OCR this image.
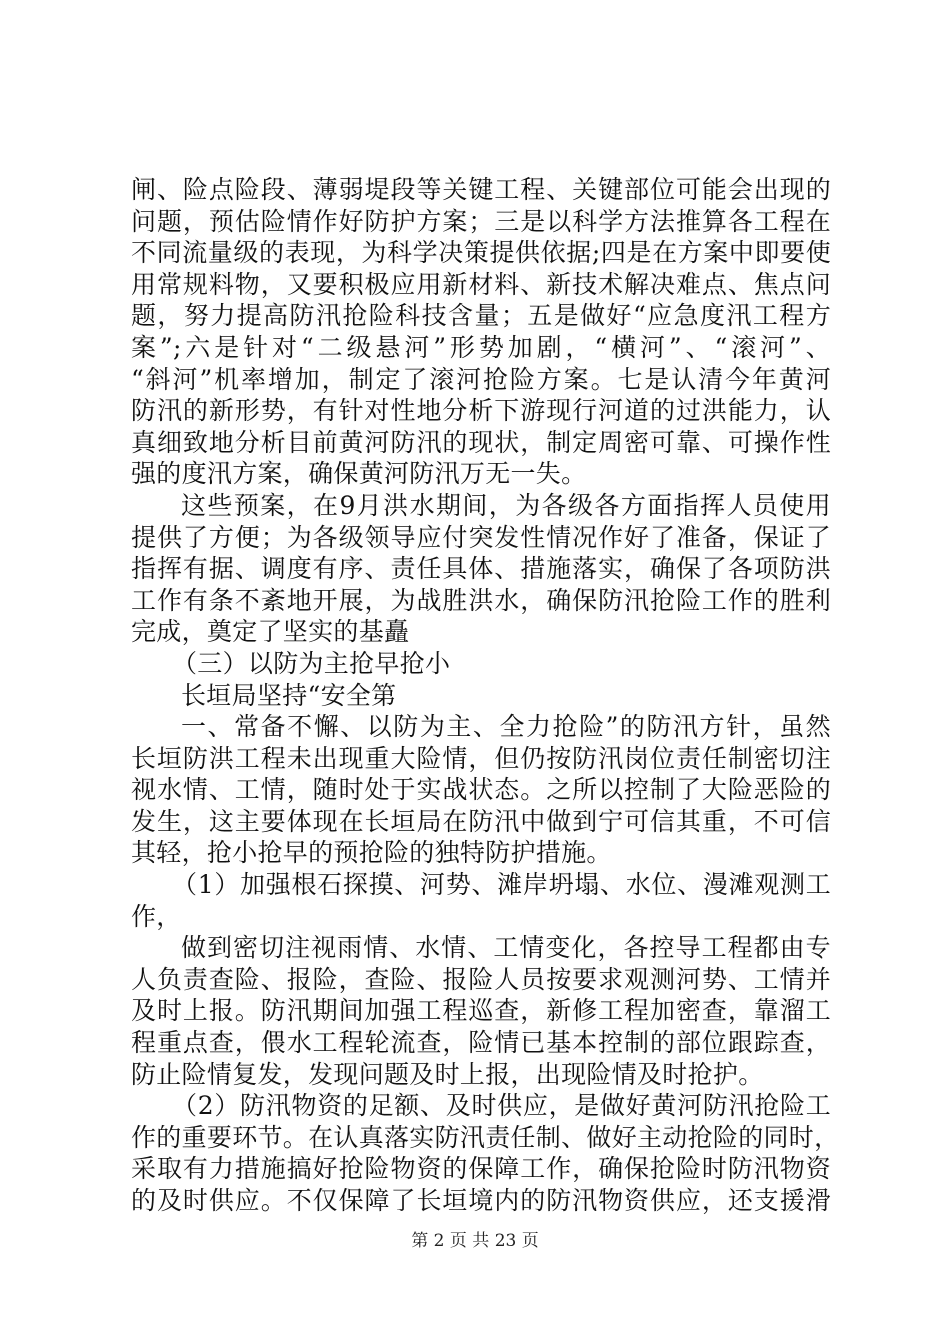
闸、险点险段、薄弱堤段等关键工程、关键部位可能会出现的
问题，预估险情作好防护方案；三是以科学方法推算各工程在
不同流量级的表现，为科学决策提供依据;四是在方案中即要使
用常规料物，又要积极应用新材料、新技术解决难点、焦点问
题，努力提高防汛抢险科技含量；五是做好“应急度汛工程方
案”;六是针对“二级悬河”形势加剧，“横河”、“滚河”、
“斜河”机率增加，制定了滚河抢险方案。七是认清今年黄河
防汛的新形势，有针对性地分析下游现行河道的过洪能力，认
真细致地分析目前黄河防汛的现状，制定周密可靠、可操作性
强的度汛方案，确保黄河防汛万无一失。
这些预案，在9月洪水期间，为各级各方面指挥人员使用
提供了方便；为各级领导应付突发性情况作好了准备，保证了
指挥有据、调度有序、责任具体、措施落实，确保了各项防洪
工作有条不紊地开展，为战胜洪水，确保防汛抢险工作的胜利
完成，奠定了坚实的基矗
（三）以防为主抢早抢小
长垣局坚持“安全第
一、常备不懈、以防为主、全力抢险”的防汛方针，虽然
长垣防洪工程未出现重大险情，但仍按防汛岗位责任制密切注
视水情、工情，随时处于实战状态。之所以控制了大险恶险的
发生，这主要体现在长垣局在防汛中做到宁可信其重，不可信
其轻，抢小抢早的预抢险的独特防护措施。
（1）加强根石探摸、河势、滩岸坍塌、水位、漫滩观测工
作，
做到密切注视雨情、水情、工情变化，各控导工程都由专
人负责查险、报险，查险、报险人员按要求观测河势、工情并
及时上报。防汛期间加强工程巡查，新修工程加密查，靠溜工
程重点查，偎水工程轮流查，险情已基本控制的部位跟踪查，
防止险情复发，发现问题及时上报，出现险情及时抢护。
（2）防汛物资的足额、及时供应，是做好黄河防汛抢险工
作的重要环节。在认真落实防汛责任制、做好主动抢险的同时，
采取有力措施搞好抢险物资的保障工作，确保抢险时防汛物资
的及时供应。不仅保障了长垣境内的防汛物资供应，还支援滑
第 2 页 共 23 页
